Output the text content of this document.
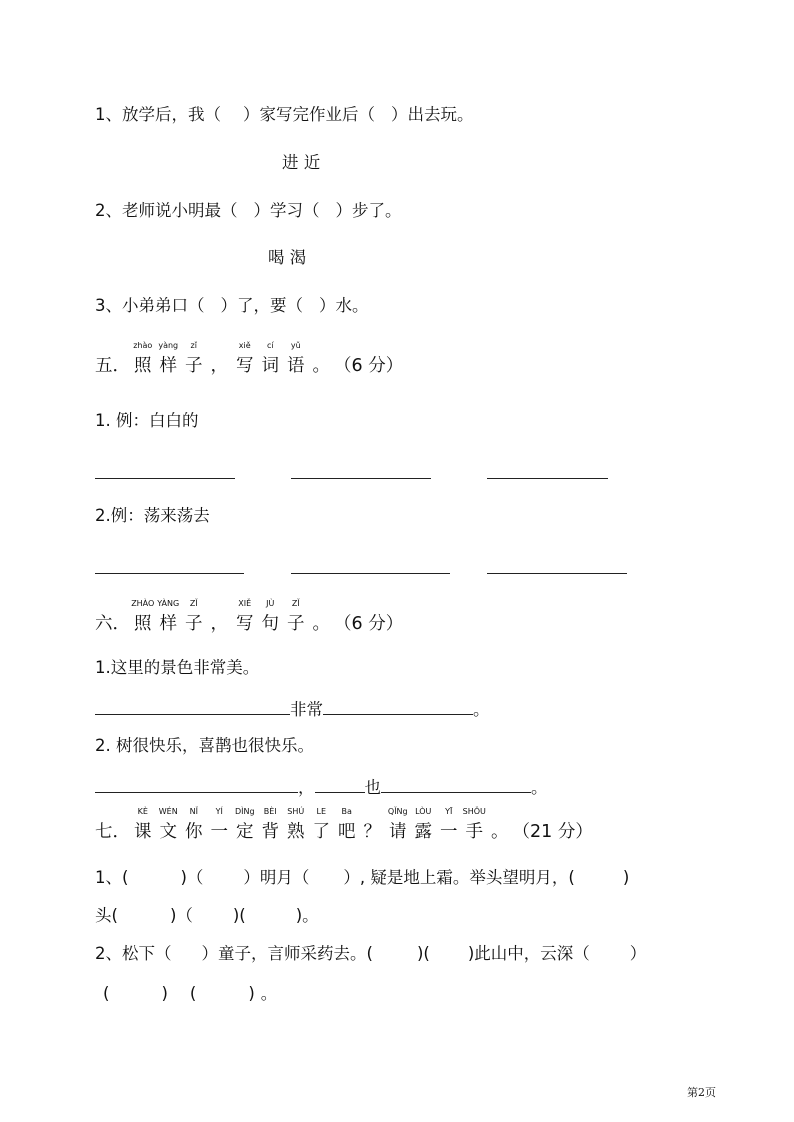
1、放学后，我（ ）家写完作业后（ ）出去玩。
进 近
2、老师说小明最（ ）学习（ ）步了。
喝 渴
3、小弟弟口（ ）了，要（ ）水。
五．
zhào
照
yàng
样
zǐ
子 ，
xiě
写
cí
词
yǔ
语 。 （6 分）
1. 例：白白的
2.例：荡来荡去
六．
ZHÀO
照
YÀNG
样
ZǏ
子 ，
XIĚ
写
JÙ
句
ZǏ
子 。 （6 分）
1.这里的景色非常美。
非常	。
2. 树很快乐，喜鹊也很快乐。
，	也	。
七．
KÈ
课
WÉN
文
NǏ
你
YÍ
一
DÌNg
定
BÈI
背
SHÚ
熟
LE
了
Ba
吧 ？
QǏNg
请
LÒU
露
YĪ
一
SHǑU
手 。 （21 分）
1、(	)（ ）明月（ ）, 疑是地上霜。举头望明月，(	)
头(	)（ )(	)。
2、松下（ ）童子，言师采药去。(	)( )此山中，云深（ ）
(	) (	) 。
第2页
